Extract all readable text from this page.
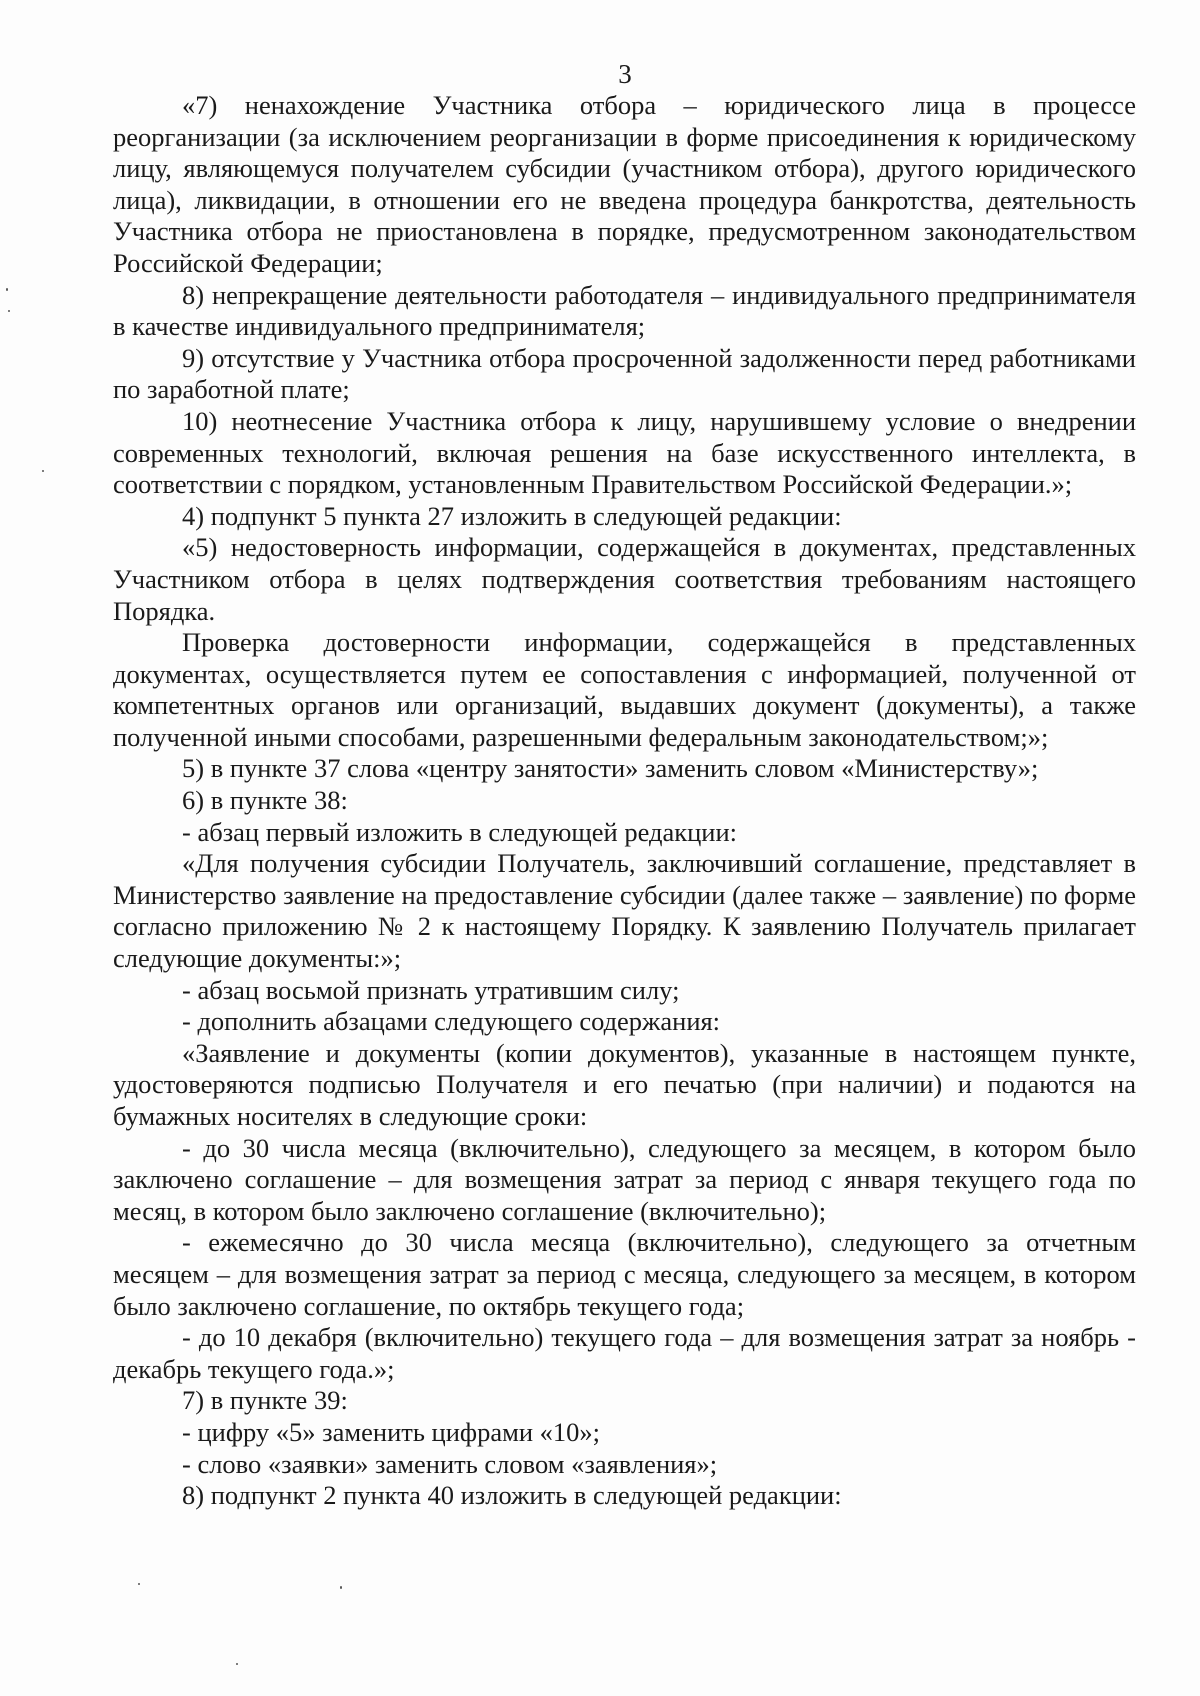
3

«7) ненахождение Участника отбора – юридического лица в процессе реорганизации (за исключением реорганизации в форме присоединения к юридическому лицу, являющемуся получателем субсидии (участником отбора), другого юридического лица), ликвидации, в отношении его не введена процедура банкротства, деятельность Участника отбора не приостановлена в порядке, предусмотренном законодательством Российской Федерации;

8) непрекращение деятельности работодателя – индивидуального предпринимателя в качестве индивидуального предпринимателя;

9) отсутствие у Участника отбора просроченной задолженности перед работниками по заработной плате;

10) неотнесение Участника отбора к лицу, нарушившему условие о внедрении современных технологий, включая решения на базе искусственного интеллекта, в соответствии с порядком, установленным Правительством Российской Федерации.»;

4) подпункт 5 пункта 27 изложить в следующей редакции:

«5) недостоверность информации, содержащейся в документах, представленных Участником отбора в целях подтверждения соответствия требованиям настоящего Порядка.

Проверка достоверности информации, содержащейся в представленных документах, осуществляется путем ее сопоставления с информацией, полученной от компетентных органов или организаций, выдавших документ (документы), а также полученной иными способами, разрешенными федеральным законодательством;»;

5) в пункте 37 слова «центру занятости» заменить словом «Министерству»;

6) в пункте 38:

- абзац первый изложить в следующей редакции:

«Для получения субсидии Получатель, заключивший соглашение, представляет в Министерство заявление на предоставление субсидии (далее также – заявление) по форме согласно приложению № 2 к настоящему Порядку. К заявлению Получатель прилагает следующие документы:»;

- абзац восьмой признать утратившим силу;

- дополнить абзацами следующего содержания:

«Заявление и документы (копии документов), указанные в настоящем пункте, удостоверяются подписью Получателя и его печатью (при наличии) и подаются на бумажных носителях в следующие сроки:

- до 30 числа месяца (включительно), следующего за месяцем, в котором было заключено соглашение – для возмещения затрат за период с января текущего года по месяц, в котором было заключено соглашение (включительно);

- ежемесячно до 30 числа месяца (включительно), следующего за отчетным месяцем – для возмещения затрат за период с месяца, следующего за месяцем, в котором было заключено соглашение, по октябрь текущего года;

- до 10 декабря (включительно) текущего года – для возмещения затрат за ноябрь - декабрь текущего года.»;

7) в пункте 39:

- цифру «5» заменить цифрами «10»;

- слово «заявки» заменить словом «заявления»;

8) подпункт 2 пункта 40 изложить в следующей редакции:
